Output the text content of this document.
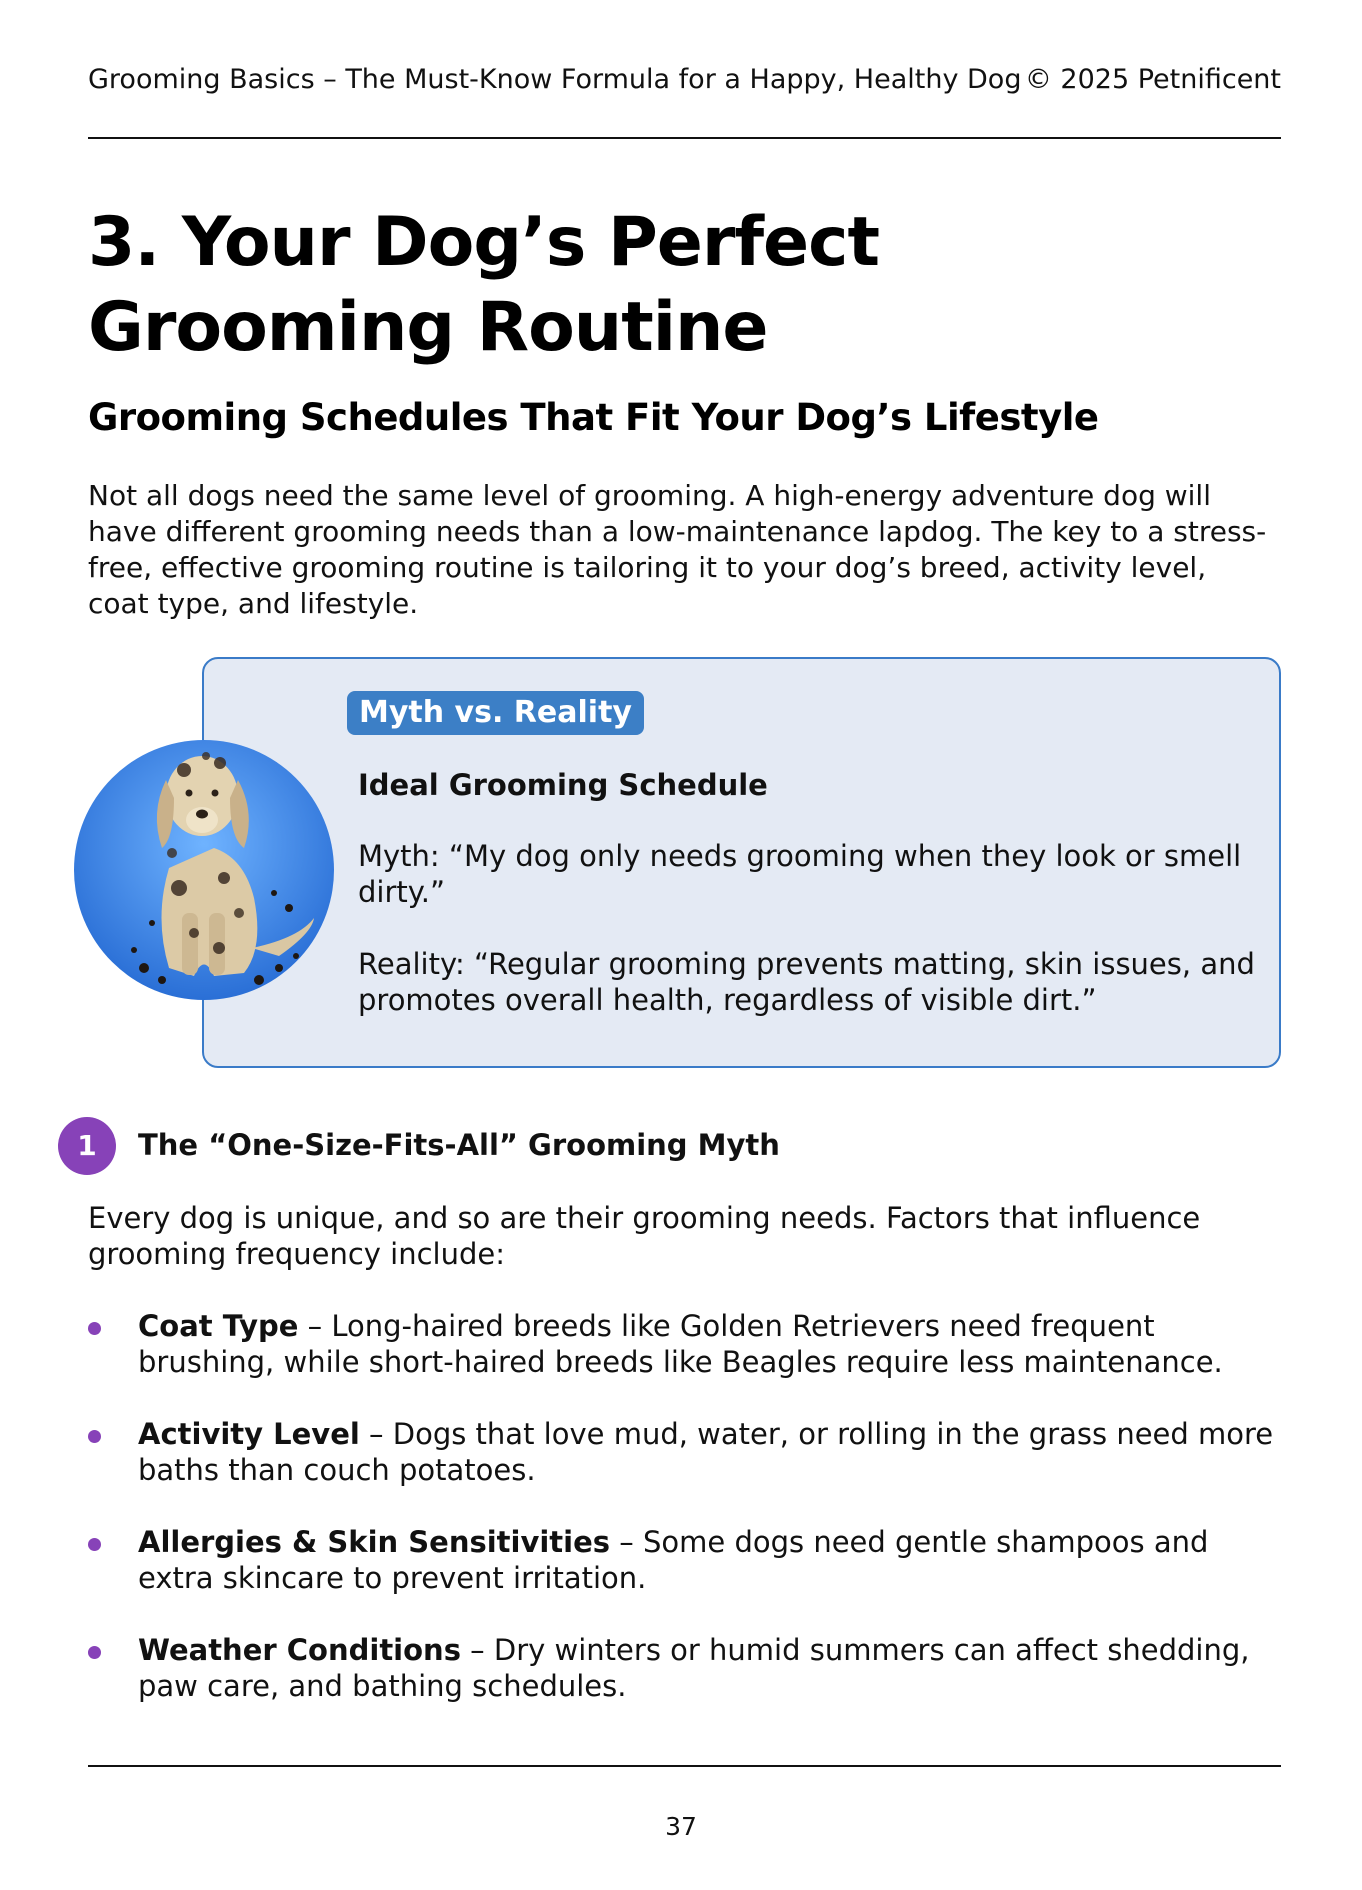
Grooming Basics – The Must-Know Formula for a Happy, Healthy Dog © 2025 Petnificent
3. Your Dog’s Perfect
Grooming Routine
Grooming Schedules That Fit Your Dog’s Lifestyle

Not all dogs need the same level of grooming. A high-energy adventure dog will have different grooming needs than a low-maintenance lapdog. The key to a stress-free, effective grooming routine is tailoring it to your dog’s breed, activity level, coat type, and lifestyle.

Myth vs. Reality
Ideal Grooming Schedule

Myth: “My dog only needs grooming when they look or smell dirty.”

Reality: “Regular grooming prevents matting, skin issues, and promotes overall health, regardless of visible dirt.”

1	The “One-Size-Fits-All” Grooming Myth

Every dog is unique, and so are their grooming needs. Factors that influence grooming frequency include:

Coat Type – Long-haired breeds like Golden Retrievers need frequent brushing, while short-haired breeds like Beagles require less maintenance.

Activity Level – Dogs that love mud, water, or rolling in the grass need more baths than couch potatoes.

Allergies & Skin Sensitivities – Some dogs need gentle shampoos and extra skincare to prevent irritation.

Weather Conditions – Dry winters or humid summers can affect shedding, paw care, and bathing schedules.

37
